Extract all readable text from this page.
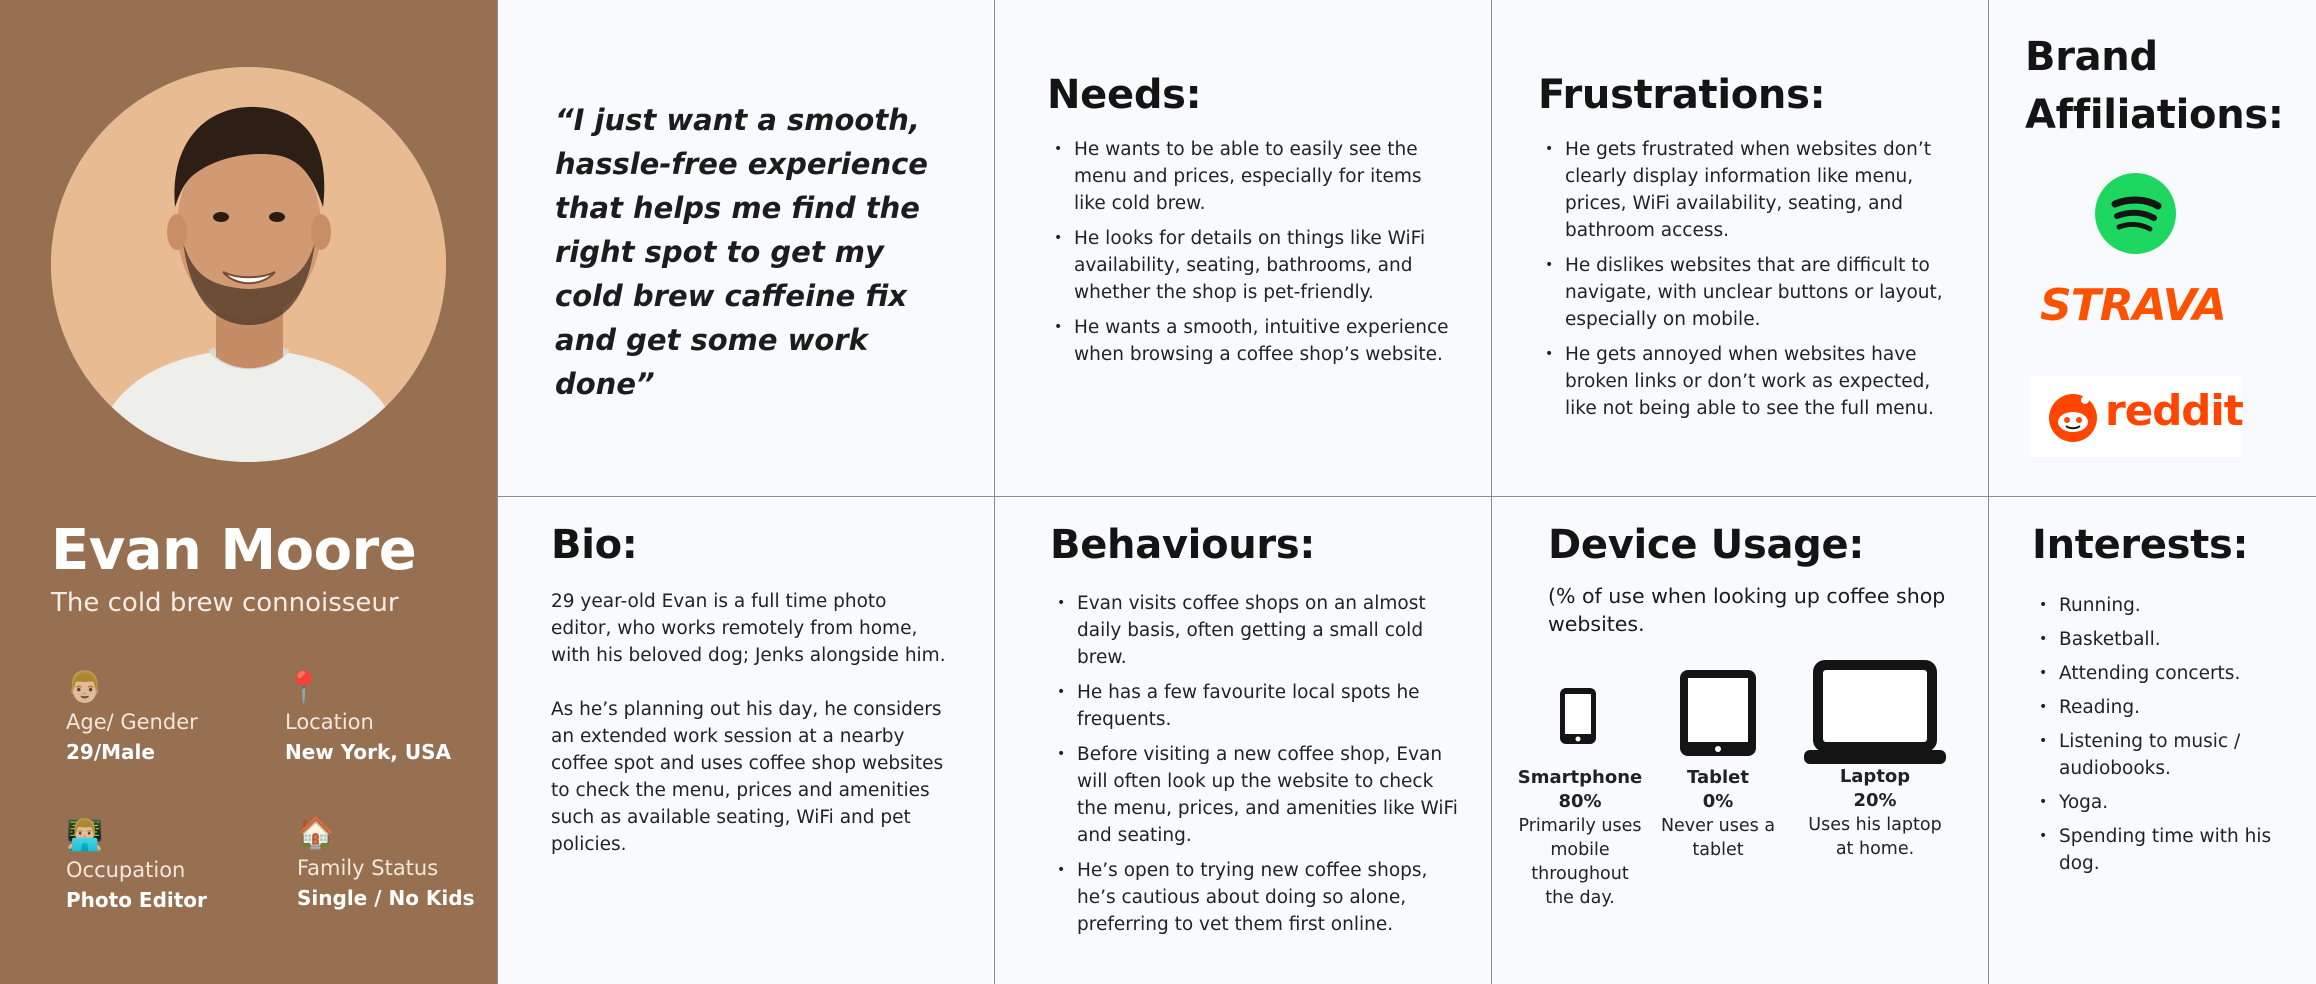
Evan Moore
The cold brew connoisseur
👨🏼
Age/ Gender
29/Male
📍
Location
New York, USA
👨🏼‍💻
Occupation
Photo Editor
🏠
Family Status
Single / No Kids
“I just want a smooth, hassle-free experience that helps me find the right spot to get my cold brew caffeine fix and get some work done”
Needs:
• He wants to be able to easily see the menu and prices, especially for items like cold brew.
• He looks for details on things like WiFi availability, seating, bathrooms, and whether the shop is pet-friendly.
• He wants a smooth, intuitive experience when browsing a coffee shop’s website.
Frustrations:
• He gets frustrated when websites don’t clearly display information like menu, prices, WiFi availability, seating, and bathroom access.
• He dislikes websites that are difficult to navigate, with unclear buttons or layout, especially on mobile.
• He gets annoyed when websites have broken links or don’t work as expected, like not being able to see the full menu.
Brand
Affiliations:
STRAVA
reddit
Bio:

29 year-old Evan is a full time photo editor, who works remotely from home, with his beloved dog; Jenks alongside him.

As he’s planning out his day, he considers an extended work session at a nearby coffee spot and uses coffee shop websites to check the menu, prices and amenities such as available seating, WiFi and pet policies.

Behaviours:
• Evan visits coffee shops on an almost daily basis, often getting a small cold brew.
• He has a few favourite local spots he frequents.
• Before visiting a new coffee shop, Evan will often look up the website to check the menu, prices, and amenities like WiFi and seating.
• He’s open to trying new coffee shops, he’s cautious about doing so alone, preferring to vet them first online.
Device Usage:
(% of use when looking up coffee shop websites.
Smartphone
80%
Primarily uses mobile throughout the day.
Tablet
0%
Never uses a tablet
Laptop
20%
Uses his laptop at home.
Interests:
• Running.
• Basketball.
• Attending concerts.
• Reading.
• Listening to music / audiobooks.
• Yoga.
• Spending time with his dog.
